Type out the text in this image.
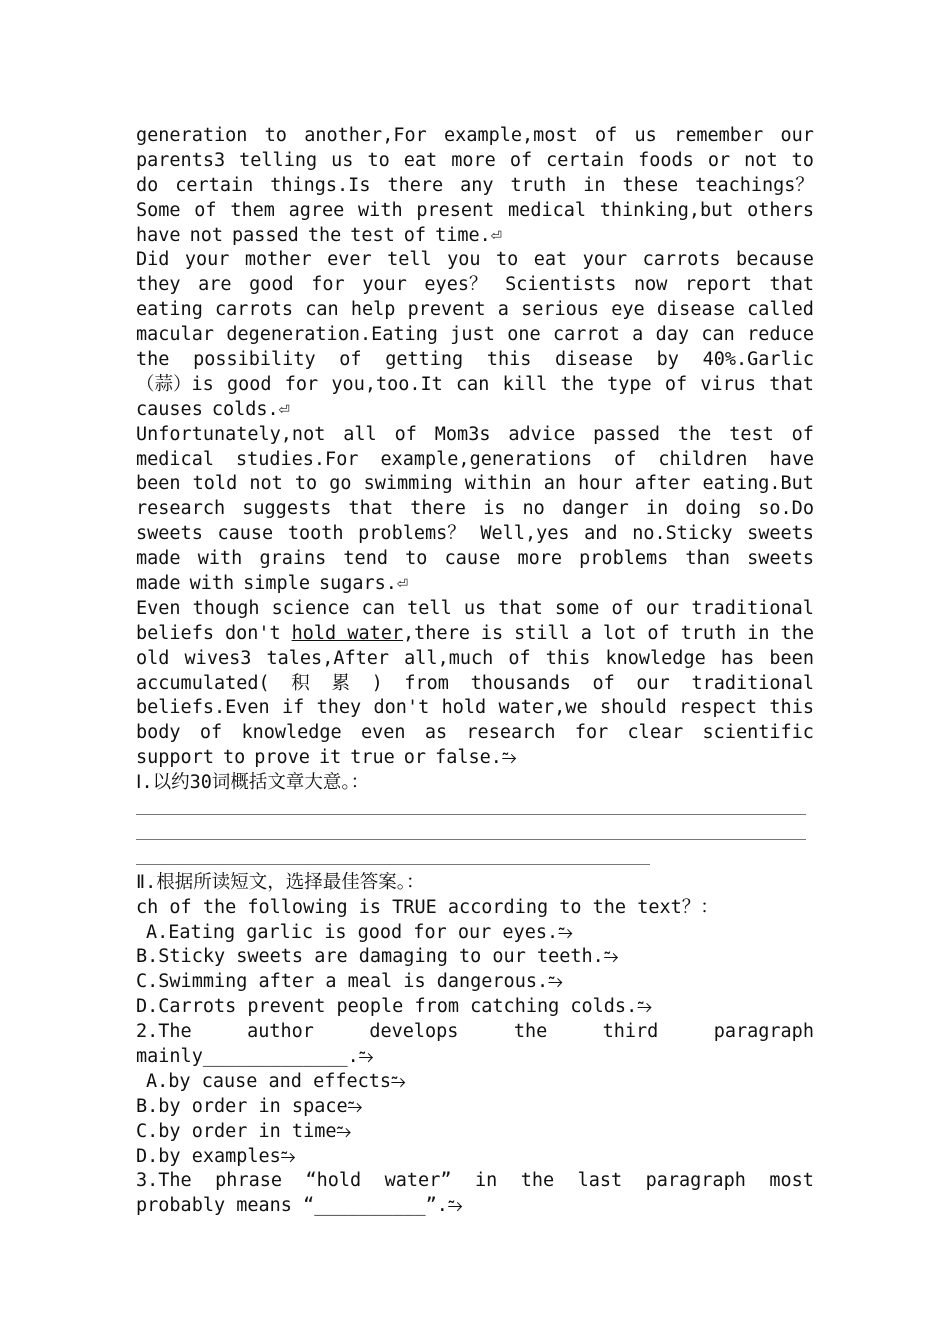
generation to another,For example,most of us remember our
parents3 telling us to eat more of certain foods or not to
do certain things.Is there any truth in these teachings？
Some of them agree with present medical thinking,but others
have not passed the test of time.⏎
Did your mother ever tell you to eat your carrots because
they are good for your eyes？ Scientists now report that
eating carrots can help prevent a serious eye disease called
macular degeneration.Eating just one carrot a day can reduce
the possibility of getting this disease by 40%.Garlic
（蒜）is good for you,too.It can kill the type of virus that
causes colds.⏎
Unfortunately,not all of Mom3s advice passed the test of
medical studies.For example,generations of children have
been told not to go swimming within an hour after eating.But
research suggests that there is no danger in doing so.Do
sweets cause tooth problems？ Well,yes and no.Sticky sweets
made with grains tend to cause more problems than sweets
made with simple sugars.⏎
Even though science can tell us that some of our traditional
beliefs don't hold water,there is still a lot of truth in the
old wives3 tales,After all,much of this knowledge has been
accumulated( 积 累 ) from thousands of our traditional
beliefs.Even if they don't hold water,we should respect this
body of knowledge even as research for clear scientific
support to prove it true or false.⥲
Ⅰ.以约30词概括文章大意。：
Ⅱ.根据所读短文，选择最佳答案。：
ch of the following is TRUE according to the text？：
A.Eating garlic is good for our eyes.⥲
B.Sticky sweets are damaging to our teeth.⥲
C.Swimming after a meal is dangerous.⥲
D.Carrots prevent people from catching colds.⥲
2.The	author	develops	the	third	paragraph
mainly_____________.⥲
A.by cause and effects⥲
B.by order in space⥲
C.by order in time⥲
D.by examples⥲
3.The phrase “hold water” in the last paragraph most
probably means “__________”.⥲
